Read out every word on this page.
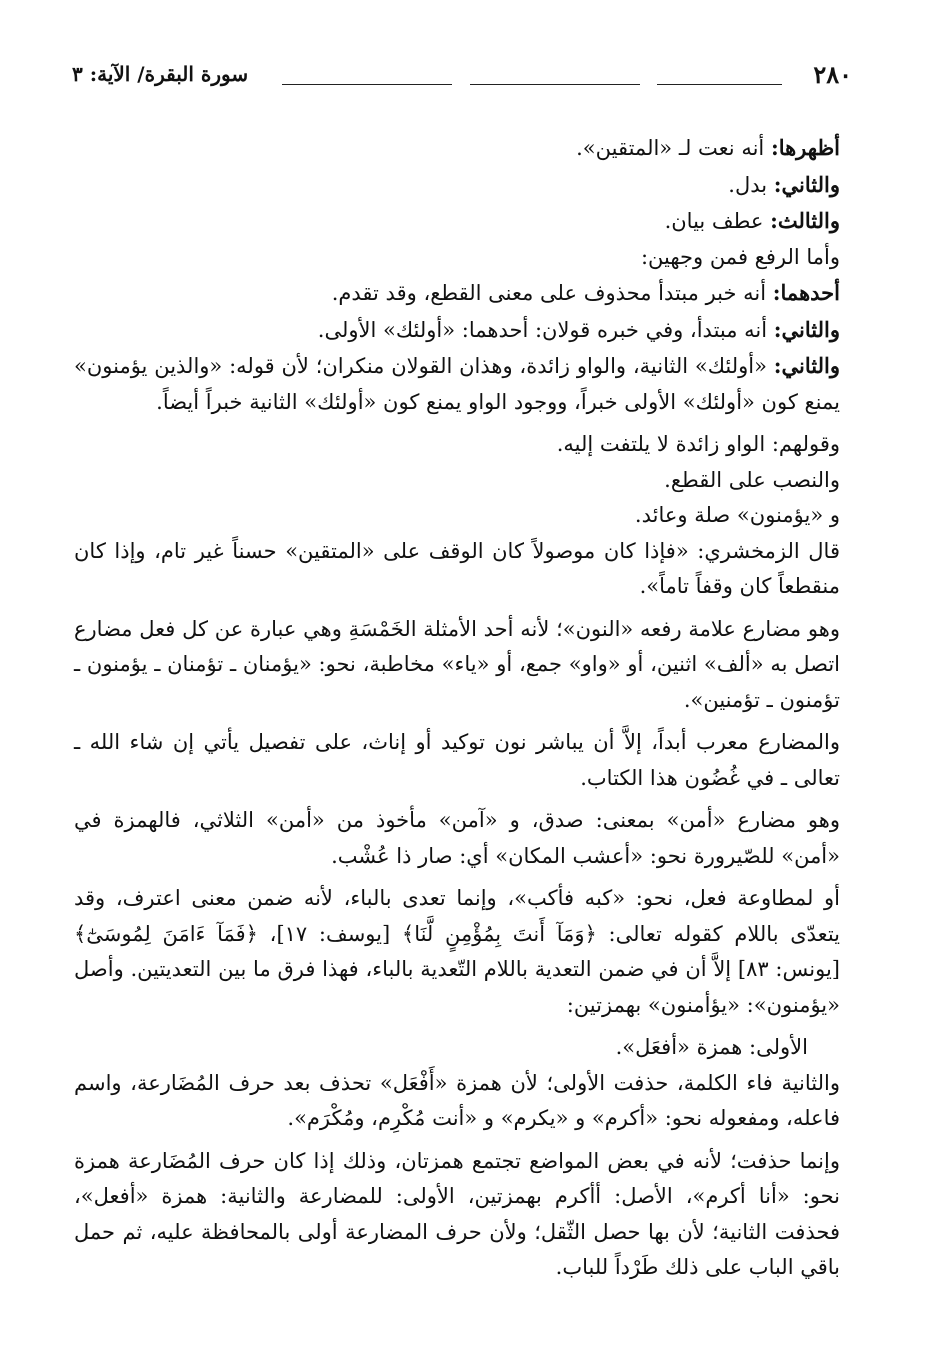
٢٨٠
سورة البقرة/ الآية: ٣

أظهرها: أنه نعت لـ «المتقين».

والثاني: بدل.

والثالث: عطف بيان.

وأما الرفع فمن وجهين:

أحدهما: أنه خبر مبتدأ محذوف على معنى القطع، وقد تقدم.

والثاني: أنه مبتدأ، وفي خبره قولان: أحدهما: «أولئك» الأولى.

والثاني: «أولئك» الثانية، والواو زائدة، وهذان القولان منكران؛ لأن قوله: «والذين يؤمنون» يمنع كون «أولئك» الأولى خبراً، ووجود الواو يمنع كون «أولئك» الثانية خبراً أيضاً.

وقولهم: الواو زائدة لا يلتفت إليه.

والنصب على القطع.

و «يؤمنون» صلة وعائد.

قال الزمخشري: «فإذا كان موصولاً كان الوقف على «المتقين» حسناً غير تام، وإذا كان منقطعاً كان وقفاً تاماً».

وهو مضارع علامة رفعه «النون»؛ لأنه أحد الأمثلة الخَمْسَةِ وهي عبارة عن كل فعل مضارع اتصل به «ألف» اثنين، أو «واو» جمع، أو «ياء» مخاطبة، نحو: «يؤمنان ـ تؤمنان ـ يؤمنون ـ تؤمنون ـ تؤمنين».

والمضارع معرب أبداً، إلاَّ أن يباشر نون توكيد أو إناث، على تفصيل يأتي إن شاء الله ـ تعالى ـ في غُضُون هذا الكتاب.

وهو مضارع «أمن» بمعنى: صدق، و «آمن» مأخوذ من «أمن» الثلاثي، فالهمزة في «أمن» للصّيرورة نحو: «أعشب المكان» أي: صار ذا عُشْب.

أو لمطاوعة فعل، نحو: «كبه فأكب»، وإنما تعدى بالباء، لأنه ضمن معنى اعترف، وقد يتعدّى باللام كقوله تعالى: ﴿وَمَآ أَنتَ بِمُؤْمِنٍ لَّنَا﴾ [يوسف: ١٧]، ﴿فَمَآ ءَامَنَ لِمُوسَىٰٓ﴾ [يونس: ٨٣] إلاَّ أن في ضمن التعدية باللام التّعدية بالباء، فهذا فرق ما بين التعديتين. وأصل «يؤمنون»: «يؤأمنون» بهمزتين:

الأولى: همزة «أفعَل».

والثانية فاء الكلمة، حذفت الأولى؛ لأن همزة «أَفْعَل» تحذف بعد حرف المُضَارعة، واسم فاعله، ومفعوله نحو: «أكرم» و «يكرم» و «أنت مُكْرِم، ومُكْرَم».

وإنما حذفت؛ لأنه في بعض المواضع تجتمع همزتان، وذلك إذا كان حرف المُضَارعة همزة نحو: «أنا أكرم»، الأصل: أأكرم بهمزتين، الأولى: للمضارعة والثانية: همزة «أفعل»، فحذفت الثانية؛ لأن بها حصل الثّقل؛ ولأن حرف المضارعة أولى بالمحافظة عليه، ثم حمل باقي الباب على ذلك طَرْداً للباب.
